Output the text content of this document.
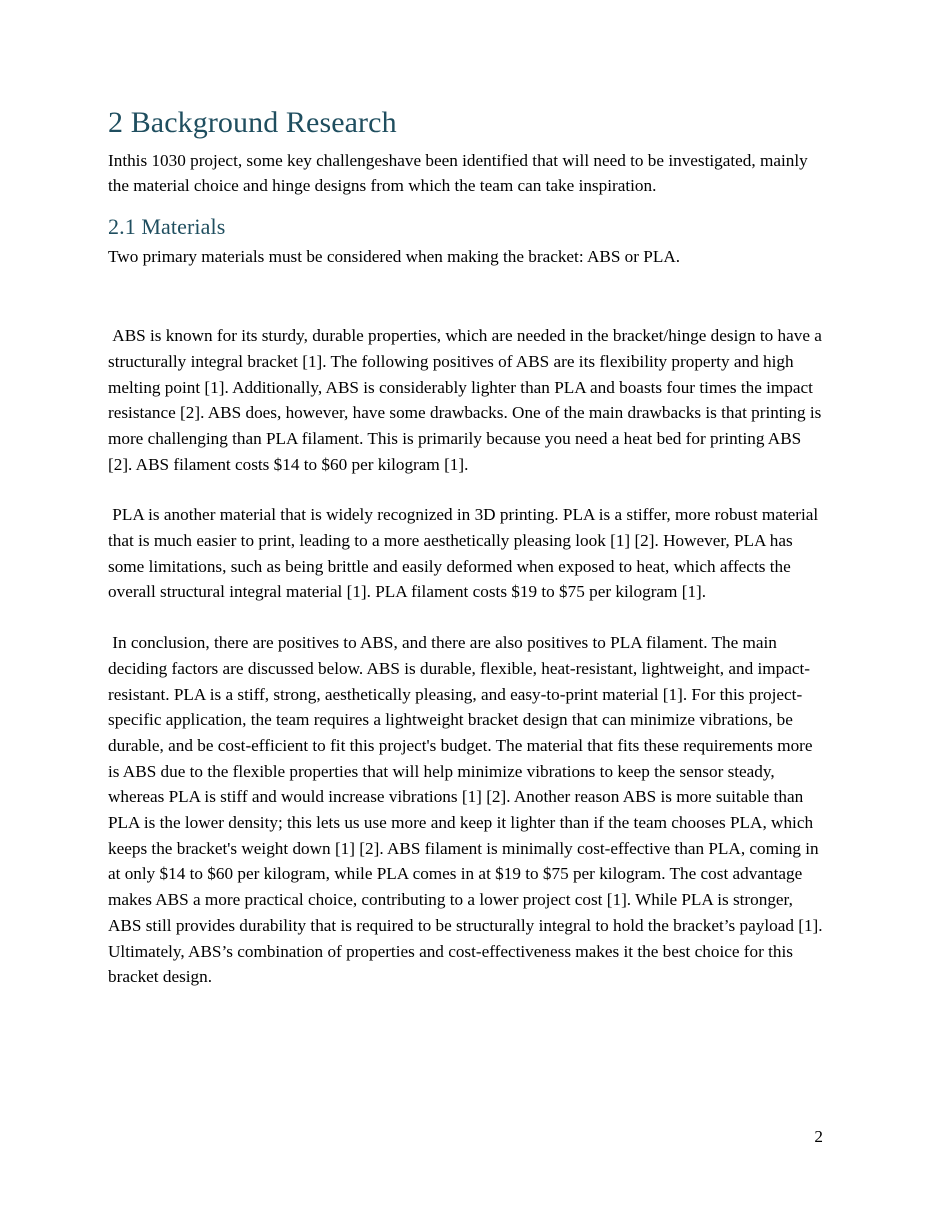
2 Background Research

Inthis 1030 project, some key challengeshave been identified that will need to be investigated, mainly the material choice and hinge designs from which the team can take inspiration.

2.1 Materials

Two primary materials must be considered when making the bracket: ABS or PLA.

ABS is known for its sturdy, durable properties, which are needed in the bracket/hinge design to have a structurally integral bracket [1]. The following positives of ABS are its flexibility property and high melting point [1]. Additionally, ABS is considerably lighter than PLA and boasts four times the impact resistance [2]. ABS does, however, have some drawbacks. One of the main drawbacks is that printing is more challenging than PLA filament. This is primarily because you need a heat bed for printing ABS [2]. ABS filament costs $14 to $60 per kilogram [1].

PLA is another material that is widely recognized in 3D printing. PLA is a stiffer, more robust material that is much easier to print, leading to a more aesthetically pleasing look [1] [2]. However, PLA has some limitations, such as being brittle and easily deformed when exposed to heat, which affects the overall structural integral material [1]. PLA filament costs $19 to $75 per kilogram [1].

In conclusion, there are positives to ABS, and there are also positives to PLA filament. The main deciding factors are discussed below. ABS is durable, flexible, heat-resistant, lightweight, and impact-resistant. PLA is a stiff, strong, aesthetically pleasing, and easy-to-print material [1]. For this project-specific application, the team requires a lightweight bracket design that can minimize vibrations, be durable, and be cost-efficient to fit this project's budget. The material that fits these requirements more is ABS due to the flexible properties that will help minimize vibrations to keep the sensor steady, whereas PLA is stiff and would increase vibrations [1] [2]. Another reason ABS is more suitable than PLA is the lower density; this lets us use more and keep it lighter than if the team chooses PLA, which keeps the bracket's weight down [1] [2]. ABS filament is minimally cost-effective than PLA, coming in at only $14 to $60 per kilogram, while PLA comes in at $19 to $75 per kilogram. The cost advantage makes ABS a more practical choice, contributing to a lower project cost [1]. While PLA is stronger, ABS still provides durability that is required to be structurally integral to hold the bracket’s payload [1]. Ultimately, ABS’s combination of properties and cost-effectiveness makes it the best choice for this bracket design.

2
